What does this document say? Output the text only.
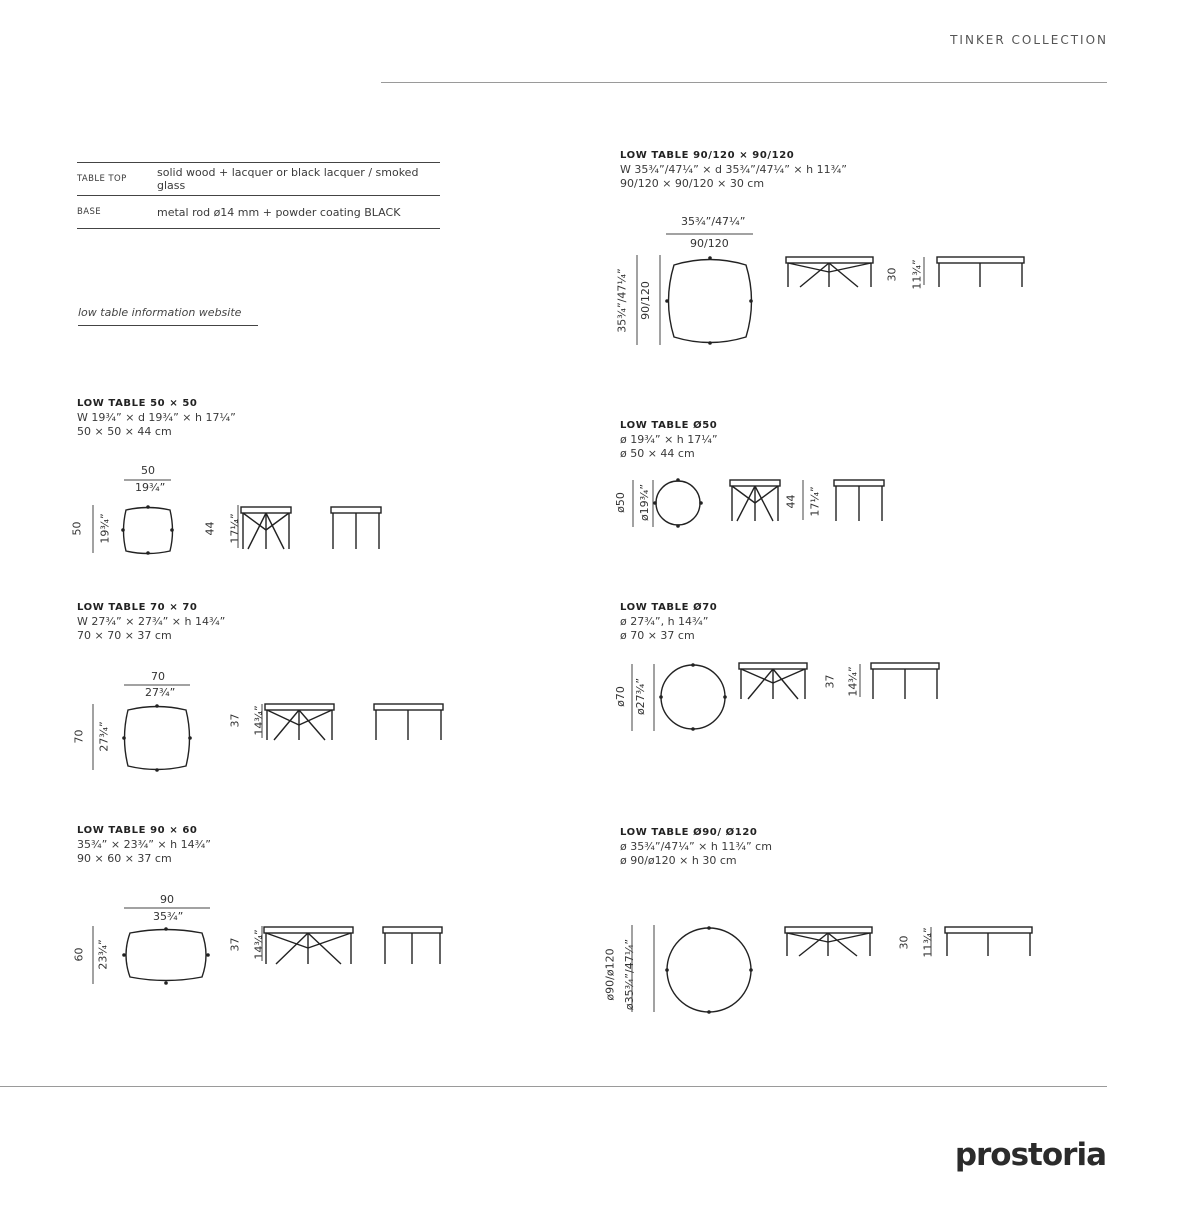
TINKER COLLECTION
TABLE TOP	solid wood + lacquer or black lacquer / smoked glass
BASE	metal rod ø14 mm + powder coating BLACK
low table information website
LOW TABLE 50 × 50
W 19¾” × d 19¾” × h 17¼”
50 × 50 × 44 cm
50
19¾”
50 19¾”	44 17¼”
LOW TABLE 70 × 70
W 27¾” × 27¾” × h 14¾”
70 × 70 × 37 cm
70
27¾”
70 27¾”
37 14¾”
LOW TABLE 90 × 60
35¾” × 23¾” × h 14¾”
90 × 60 × 37 cm
90
35¾”
60 23¾”	37 14¾”
LOW TABLE 90/120 × 90/120
W 35¾”/47¼” × d 35¾”/47¼” × h 11¾”
90/120 × 90/120 × 30 cm
35¾”/47¼”
90/120
35¾”/47¼” 90/120
30 11¾”
LOW TABLE Ø50
ø 19¾” × h 17¼”
ø 50 × 44 cm
ø50 ø19¾”	44 17¼”
LOW TABLE Ø70
ø 27¾”, h 14¾”
ø 70 × 37 cm
ø70 ø27¾”	37 14¾”
LOW TABLE Ø90/ Ø120
ø 35¾”/47¼” × h 11¾” cm
ø 90/ø120 × h 30 cm
ø90/ø120 ø35¾”/47¼”	30 11¾”
prostoria
